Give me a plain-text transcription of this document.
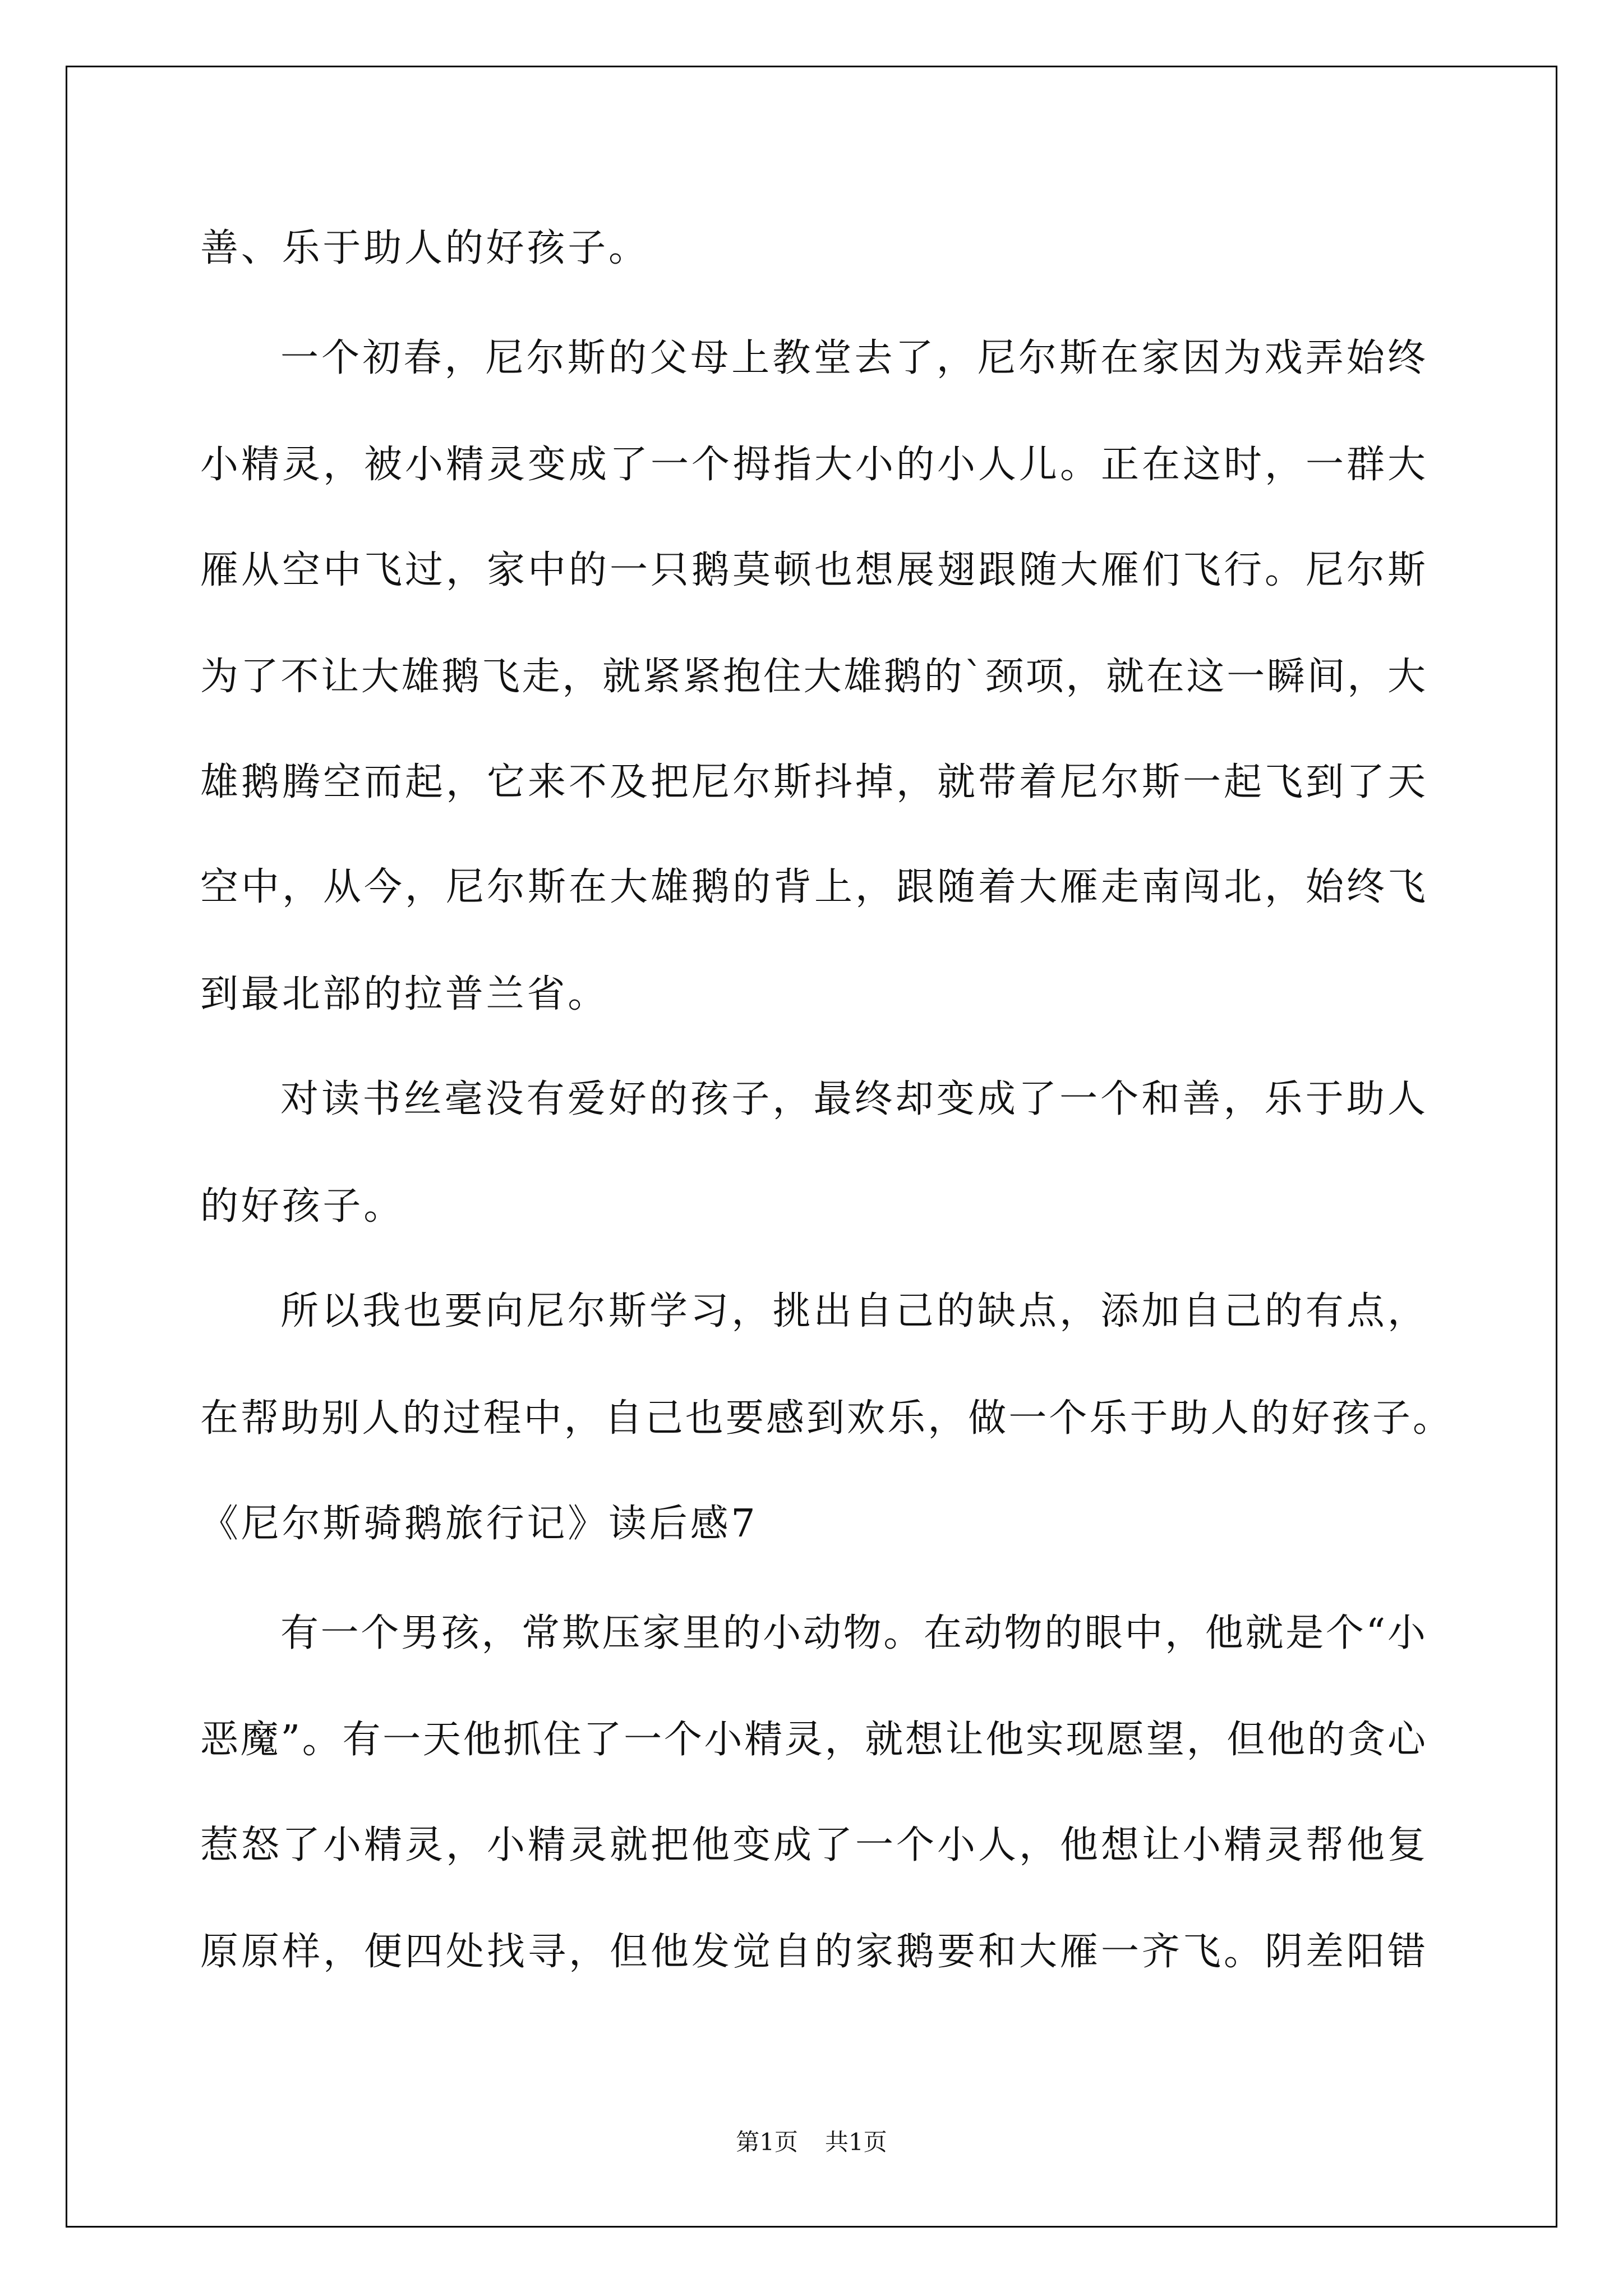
善、乐于助人的好孩子。
一个初春，尼尔斯的父母上教堂去了，尼尔斯在家因为戏弄始终
小精灵，被小精灵变成了一个拇指大小的小人儿。正在这时，一群大
雁从空中飞过，家中的一只鹅莫顿也想展翅跟随大雁们飞行。尼尔斯
为了不让大雄鹅飞走，就紧紧抱住大雄鹅的`颈项，就在这一瞬间，大
雄鹅腾空而起，它来不及把尼尔斯抖掉，就带着尼尔斯一起飞到了天
空中，从今，尼尔斯在大雄鹅的背上，跟随着大雁走南闯北，始终飞
到最北部的拉普兰省。
对读书丝毫没有爱好的孩子，最终却变成了一个和善，乐于助人
的好孩子。
所以我也要向尼尔斯学习，挑出自己的缺点，添加自己的有点，
在帮助别人的过程中，自己也要感到欢乐，做一个乐于助人的好孩子。
《尼尔斯骑鹅旅行记》读后感7
有一个男孩，常欺压家里的小动物。在动物的眼中，他就是个“小
恶魔”。有一天他抓住了一个小精灵，就想让他实现愿望，但他的贪心
惹怒了小精灵，小精灵就把他变成了一个小人，他想让小精灵帮他复
原原样，便四处找寻，但他发觉自的家鹅要和大雁一齐飞。阴差阳错
第1页 共1页
